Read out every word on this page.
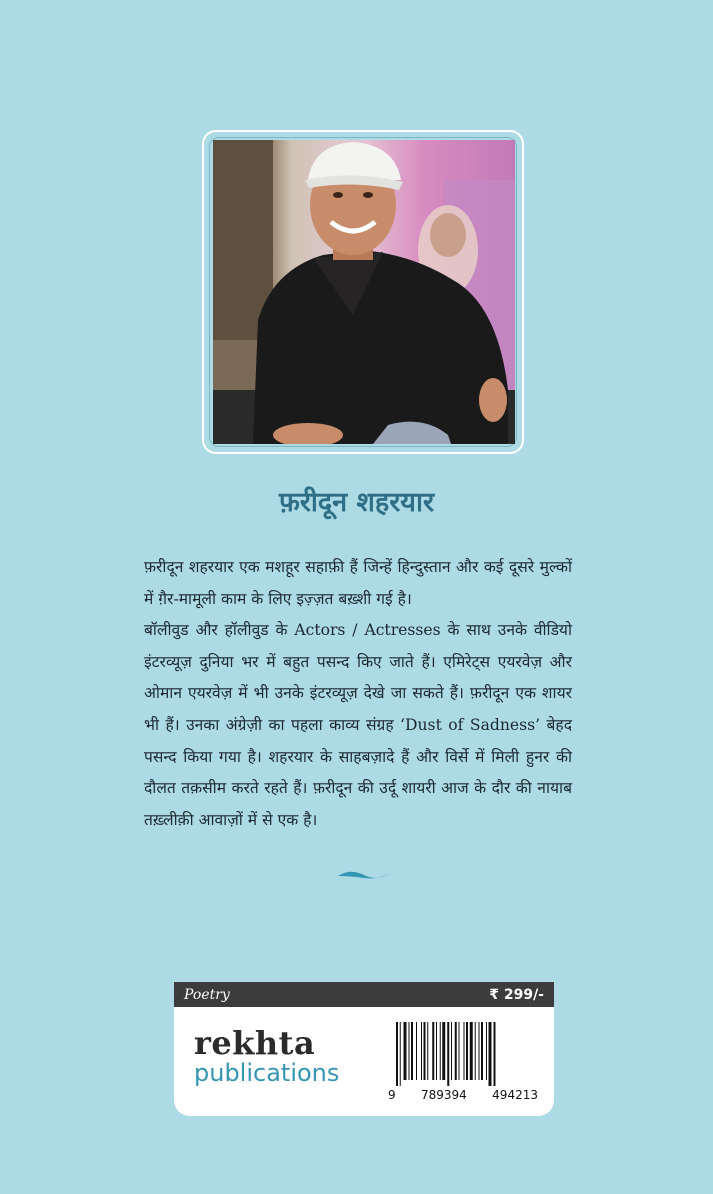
फ़रीदून शहरयार

फ़रीदून शहरयार एक मशहूर सहाफ़ी हैं जिन्हें हिन्दुस्तान और कई दूसरे मुल्कों में ग़ैर-मामूली काम के लिए इज़्ज़त बख़्शी गई है।

बॉलीवुड और हॉलीवुड के Actors / Actresses के साथ उनके वीडियो इंटरव्यूज़ दुनिया भर में बहुत पसन्द किए जाते हैं। एमिरेट्स एयरवेज़ और ओमान एयरवेज़ में भी उनके इंटरव्यूज़ देखे जा सकते हैं। फ़रीदून एक शायर भी हैं। उनका अंग्रेज़ी का पहला काव्य संग्रह ‘Dust of Sadness’ बेहद पसन्द किया गया है। शहरयार के साहबज़ादे हैं और विर्से में मिली हुनर की दौलत तक़सीम करते रहते हैं। फ़रीदून की उर्दू शायरी आज के दौर की नायाब तख़्लीक़ी आवाज़ों में से एक है।

Poetry	₹ 299/-
rekhta
publications
9 789394 494213
